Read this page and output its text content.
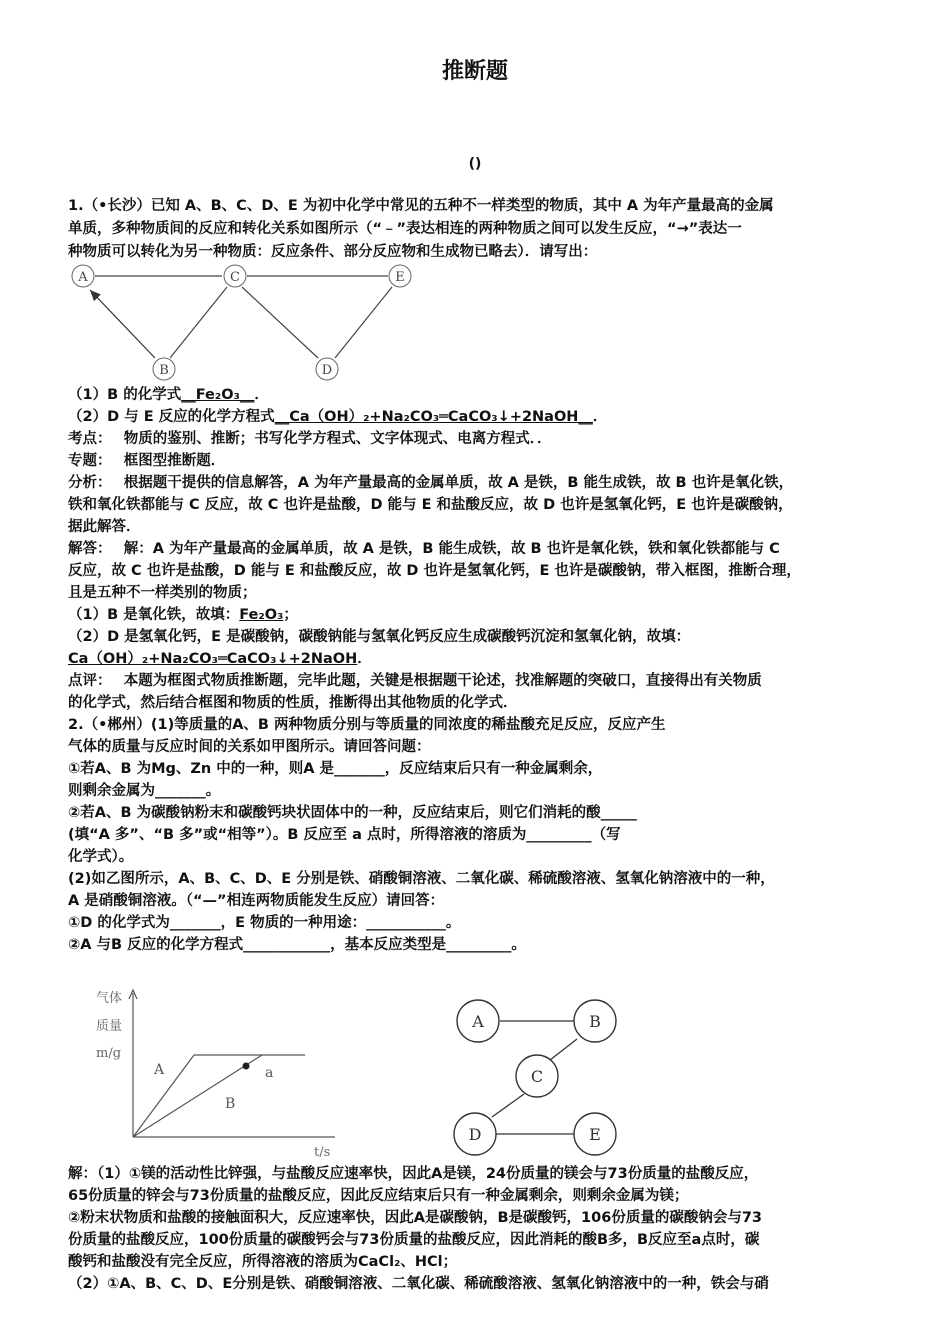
推断题
()
1.（•长沙）已知 A、B、C、D、E 为初中化学中常见的五种不一样类型的物质，其中 A 为年产量最高的金属
单质，多种物质间的反应和转化关系如图所示（“﹣”表达相连的两种物质之间可以发生反应，“→”表达一
种物质可以转化为另一种物质：反应条件、部分反应物和生成物已略去）．请写出：
A	C	E
B	D
（1）B 的化学式__Fe₂O₃__．
（2）D 与 E 反应的化学方程式__Ca（OH）₂+Na₂CO₃═CaCO₃↓+2NaOH__．
考点：　 物质的鉴别、推断；书写化学方程式、文字体现式、电离方程式．．
专题：　 框图型推断题．
分析：　 根据题干提供的信息解答，A 为年产量最高的金属单质，故 A 是铁，B 能生成铁，故 B 也许是氧化铁，
铁和氧化铁都能与 C 反应，故 C 也许是盐酸，D 能与 E 和盐酸反应，故 D 也许是氢氧化钙，E 也许是碳酸钠，
据此解答．
解答：　 解：A 为年产量最高的金属单质，故 A 是铁，B 能生成铁，故 B 也许是氧化铁，铁和氧化铁都能与 C
反应，故 C 也许是盐酸，D 能与 E 和盐酸反应，故 D 也许是氢氧化钙，E 也许是碳酸钠，带入框图，推断合理，
且是五种不一样类别的物质；
（1）B 是氧化铁，故填：Fe₂O₃；
（2）D 是氢氧化钙，E 是碳酸钠，碳酸钠能与氢氧化钙反应生成碳酸钙沉淀和氢氧化钠，故填：
Ca（OH）₂+Na₂CO₃═CaCO₃↓+2NaOH．
点评：　 本题为框图式物质推断题，完毕此题，关键是根据题干论述，找准解题的突破口，直接得出有关物质
的化学式，然后结合框图和物质的性质，推断得出其他物质的化学式．
2.（•郴州）(1)等质量的A、B 两种物质分别与等质量的同浓度的稀盐酸充足反应，反应产生
气体的质量与反应时间的关系如甲图所示。请回答问题：
①若A、B 为Mg、Zn 中的一种，则A 是_______，反应结束后只有一种金属剩余，
则剩余金属为_______。
②若A、B 为碳酸钠粉末和碳酸钙块状固体中的一种，反应结束后，则它们消耗的酸_____
(填“A 多”、“B 多”或“相等”）。B 反应至 a 点时，所得溶液的溶质为_________（写
化学式）。
(2)如乙图所示，A、B、C、D、E 分别是铁、硝酸铜溶液、二氧化碳、稀硫酸溶液、氢氧化钠溶液中的一种，
A 是硝酸铜溶液。（“—”相连两物质能发生反应）请回答：
①D 的化学式为_______，E 物质的一种用途：___________。
②A 与B 反应的化学方程式____________，基本反应类型是_________。
气体
质量
m/g
t/s
A
B
a
A	B
C
D	E
解：（1）①镁的活动性比锌强，与盐酸反应速率快，因此A是镁，24份质量的镁会与73份质量的盐酸反应，
65份质量的锌会与73份质量的盐酸反应，因此反应结束后只有一种金属剩余，则剩余金属为镁；
②粉末状物质和盐酸的接触面积大，反应速率快，因此A是碳酸钠，B是碳酸钙，106份质量的碳酸钠会与73
份质量的盐酸反应，100份质量的碳酸钙会与73份质量的盐酸反应，因此消耗的酸B多，B反应至a点时，碳
酸钙和盐酸没有完全反应，所得溶液的溶质为CaCl₂、HCl；
（2）①A、B、C、D、E分别是铁、硝酸铜溶液、二氧化碳、稀硫酸溶液、氢氧化钠溶液中的一种，铁会与硝
